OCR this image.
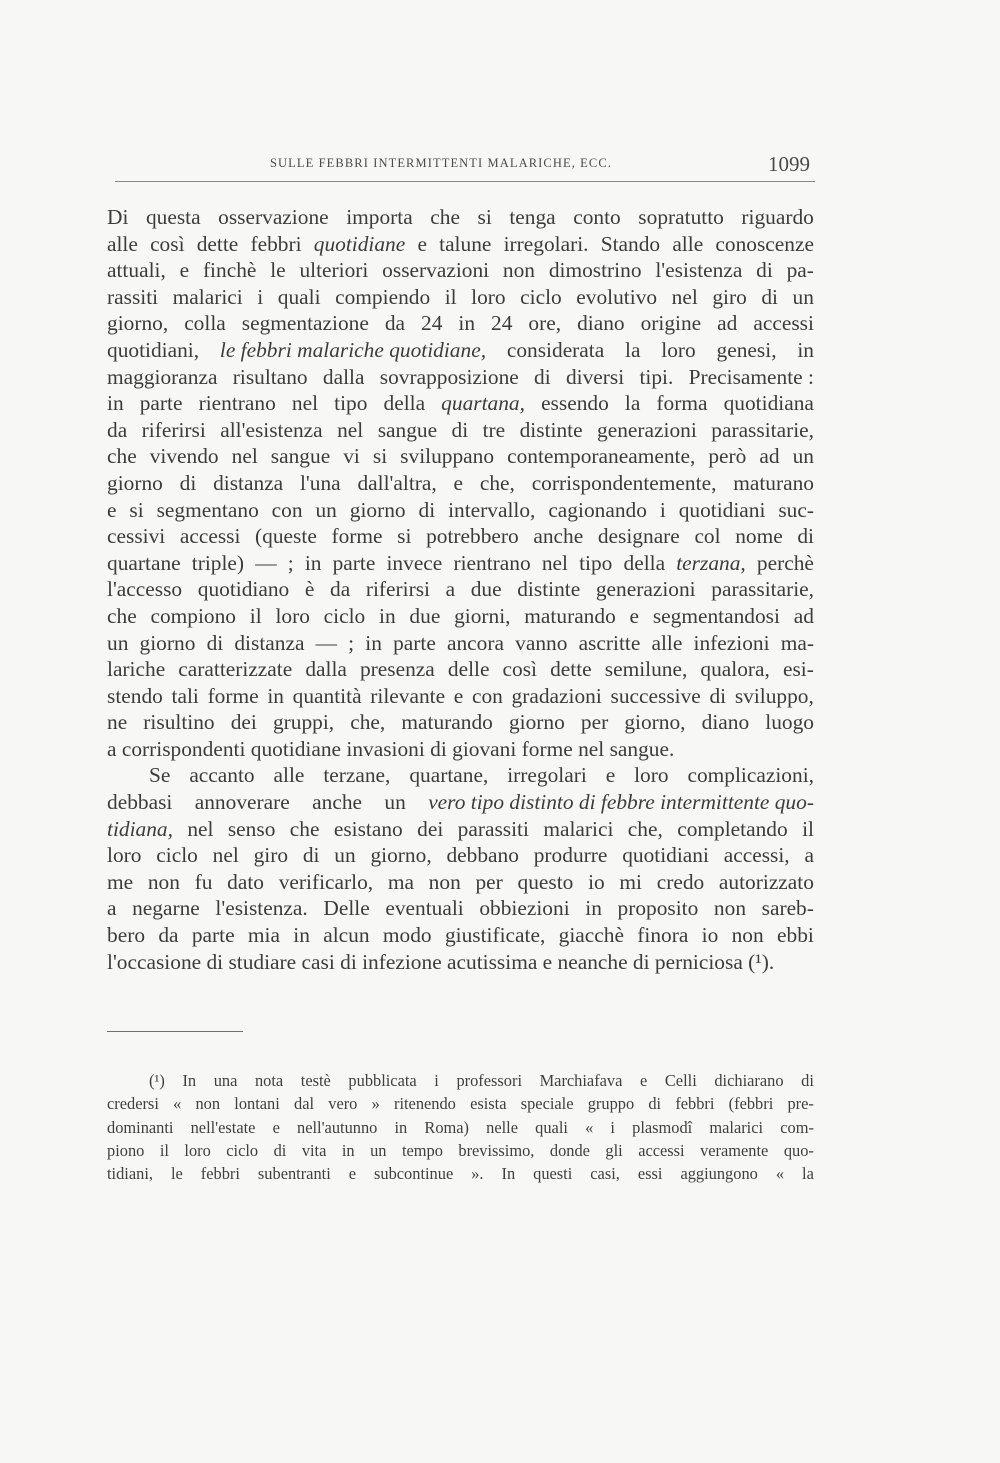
SULLE FEBBRI INTERMITTENTI MALARICHE, ECC.	1099
Di questa osservazione importa che si tenga conto sopratutto riguardo
alle così dette febbri quotidiane e talune irregolari. Stando alle conoscenze
attuali, e finchè le ulteriori osservazioni non dimostrino l'esistenza di pa-
rassiti malarici i quali compiendo il loro ciclo evolutivo nel giro di un
giorno, colla segmentazione da 24 in 24 ore, diano origine ad accessi
quotidiani, le febbri malariche quotidiane, considerata la loro genesi, in
maggioranza risultano dalla sovrapposizione di diversi tipi. Precisamente :
in parte rientrano nel tipo della quartana, essendo la forma quotidiana
da riferirsi all'esistenza nel sangue di tre distinte generazioni parassitarie,
che vivendo nel sangue vi si sviluppano contemporaneamente, però ad un
giorno di distanza l'una dall'altra, e che, corrispondentemente, maturano
e si segmentano con un giorno di intervallo, cagionando i quotidiani suc-
cessivi accessi (queste forme si potrebbero anche designare col nome di
quartane triple) — ; in parte invece rientrano nel tipo della terzana, perchè
l'accesso quotidiano è da riferirsi a due distinte generazioni parassitarie,
che compiono il loro ciclo in due giorni, maturando e segmentandosi ad
un giorno di distanza — ; in parte ancora vanno ascritte alle infezioni ma-
lariche caratterizzate dalla presenza delle così dette semilune, qualora, esi-
stendo tali forme in quantità rilevante e con gradazioni successive di sviluppo,
ne risultino dei gruppi, che, maturando giorno per giorno, diano luogo
a corrispondenti quotidiane invasioni di giovani forme nel sangue.
Se accanto alle terzane, quartane, irregolari e loro complicazioni,
debbasi annoverare anche un vero tipo distinto di febbre intermittente quo-
tidiana, nel senso che esistano dei parassiti malarici che, completando il
loro ciclo nel giro di un giorno, debbano produrre quotidiani accessi, a
me non fu dato verificarlo, ma non per questo io mi credo autorizzato
a negarne l'esistenza. Delle eventuali obbiezioni in proposito non sareb-
bero da parte mia in alcun modo giustificate, giacchè finora io non ebbi
l'occasione di studiare casi di infezione acutissima e neanche di perniciosa (¹).
(¹) In una nota testè pubblicata i professori Marchiafava e Celli dichiarano di
credersi « non lontani dal vero » ritenendo esista speciale gruppo di febbri (febbri pre-
dominanti nell'estate e nell'autunno in Roma) nelle quali « i plasmodî malarici com-
piono il loro ciclo di vita in un tempo brevissimo, donde gli accessi veramente quo-
tidiani, le febbri subentranti e subcontinue ». In questi casi, essi aggiungono « la
